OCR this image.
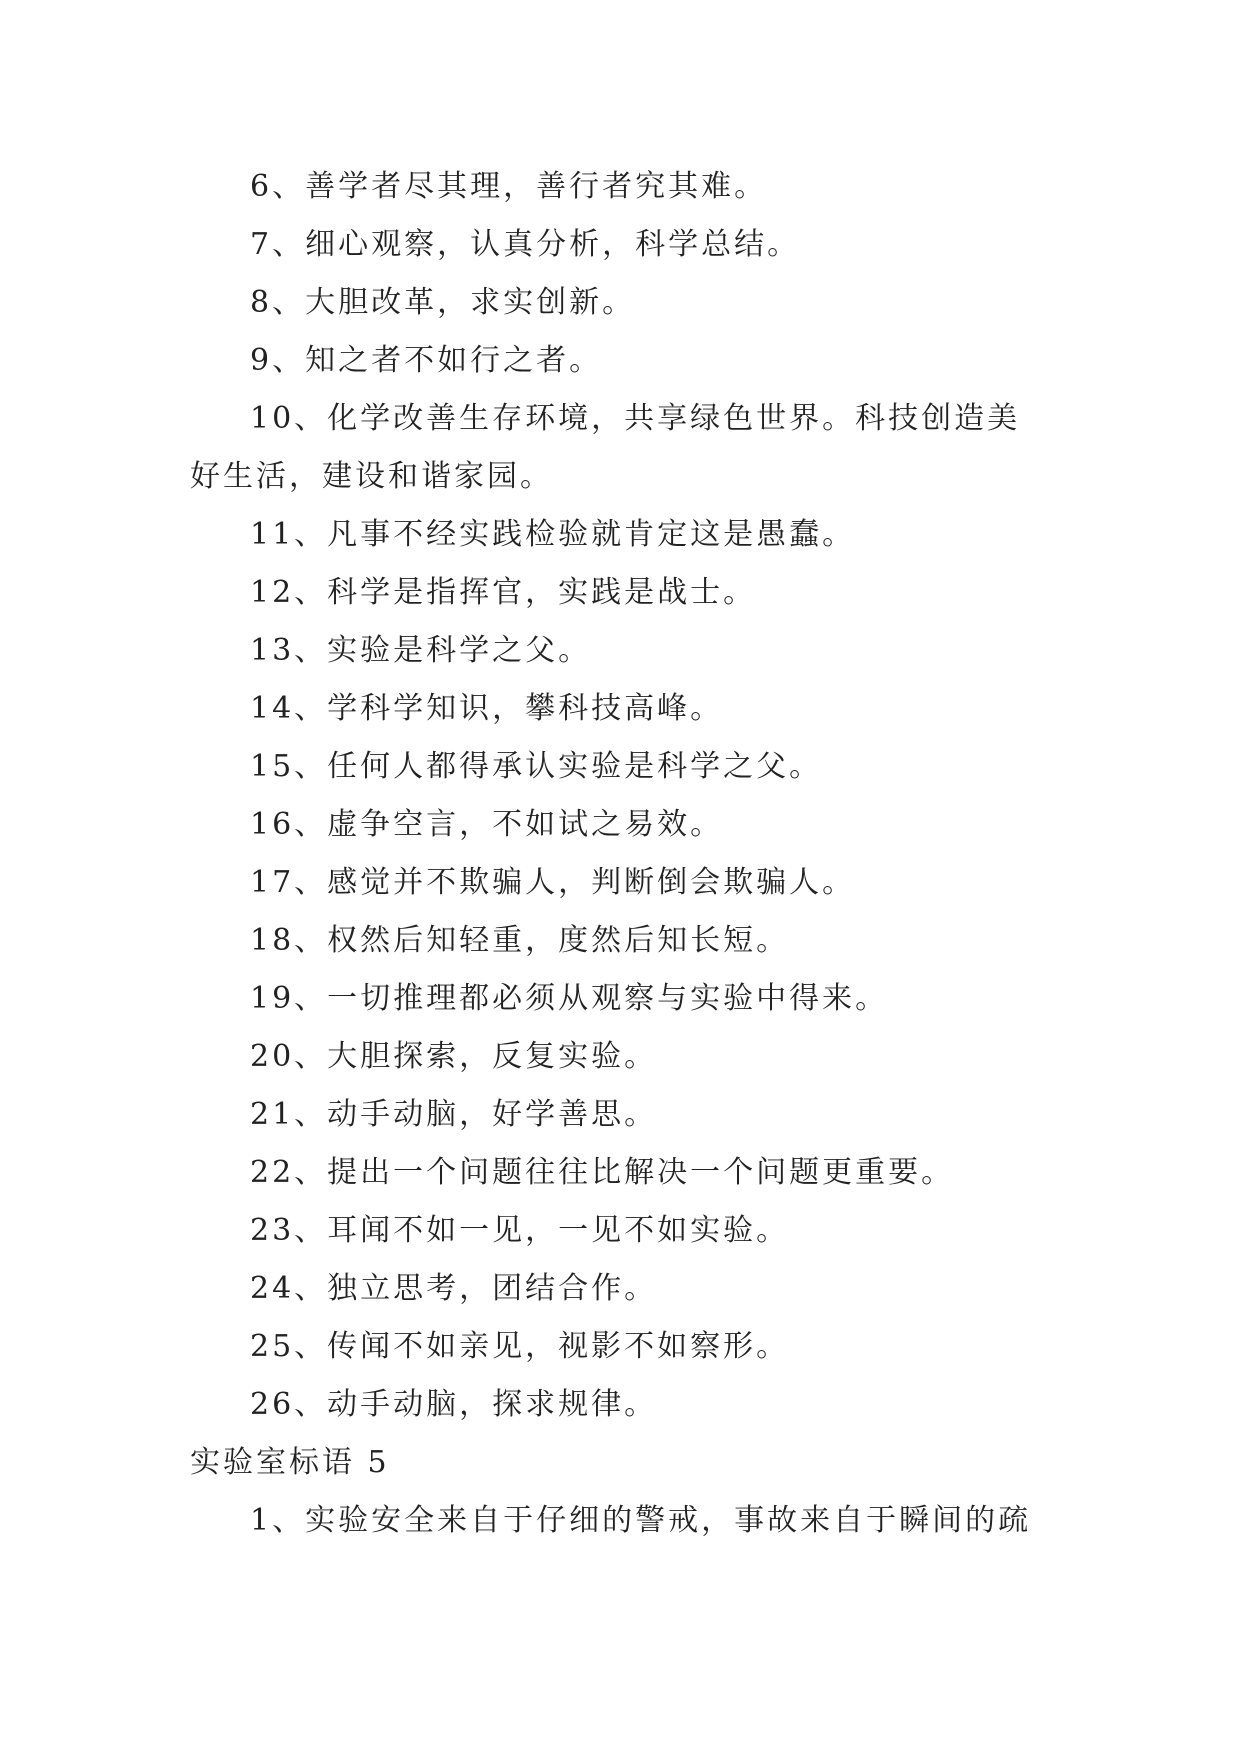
6、善学者尽其理，善行者究其难。

7、细心观察，认真分析，科学总结。

8、大胆改革，求实创新。

9、知之者不如行之者。

10、化学改善生存环境，共享绿色世界。科技创造美好生活，建设和谐家园。

11、凡事不经实践检验就肯定这是愚蠢。

12、科学是指挥官，实践是战士。

13、实验是科学之父。

14、学科学知识，攀科技高峰。

15、任何人都得承认实验是科学之父。

16、虚争空言，不如试之易效。

17、感觉并不欺骗人，判断倒会欺骗人。

18、权然后知轻重，度然后知长短。

19、一切推理都必须从观察与实验中得来。

20、大胆探索，反复实验。

21、动手动脑，好学善思。

22、提出一个问题往往比解决一个问题更重要。

23、耳闻不如一见，一见不如实验。

24、独立思考，团结合作。

25、传闻不如亲见，视影不如察形。

26、动手动脑，探求规律。

实验室标语 5

1、实验安全来自于仔细的警戒，事故来自于瞬间的疏
